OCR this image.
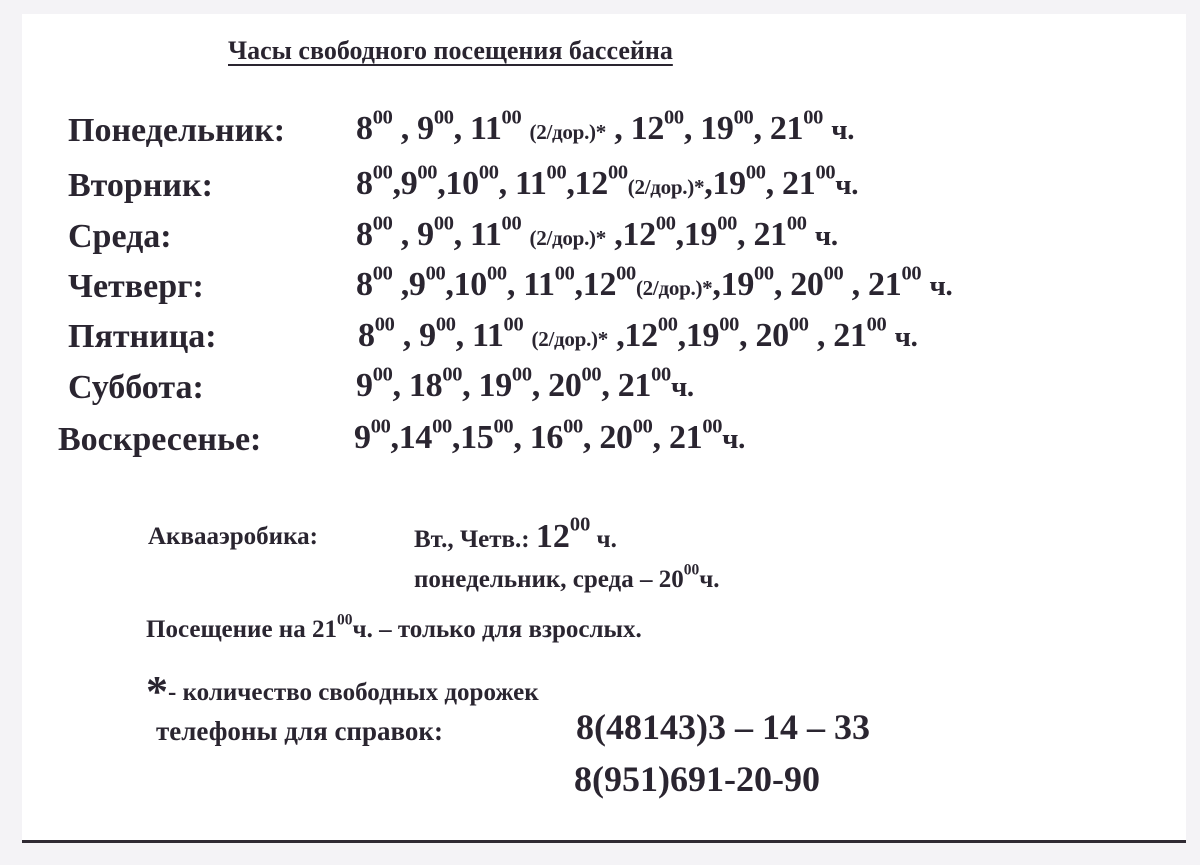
Часы свободного посещения бассейна
Понедельник: $8^{00}$ , $9^{00}$, $11^{00}$ (2/дор.)* , $12^{00}$, $19^{00}$, $21^{00}$ ч.
Вторник:	$8^{00},9^{00},10^{00}$, $11^{00},12^{00}(2/дор.)*,19^{00}$, $21^{00}ч$.
Среда:	$8^{00}$ , $9^{00}$, $11^{00}$ (2/дор.)* $,12^{00},19^{00}$, $21^{00}$ ч.
Четверг:	$8^{00}$ $,9^{00},10^{00}$, $11^{00},12^{00}(2/дор.)*,19^{00}$, $20^{00}$ , $21^{00}$ ч.
Пятница:	$8^{00}$ , $9^{00}$, $11^{00}$ (2/дор.)* $,12^{00},19^{00}$, $20^{00}$ , $21^{00}$ ч.
Суббота:	$9^{00}$, $18^{00}$, $19^{00}$, $20^{00}$, $21^{00}ч$.
Воскресенье:	$9^{00},14^{00},15^{00}$, $16^{00}$, $20^{00}$, $21^{00}ч$.
Аквааэробика:	Вт., Четв.: $12^{00}$ ч.
понедельник, среда – $20^{00}ч$.
Посещение на $21^{00}ч$. – только для взрослых.
*- количество свободных дорожек
телефоны для справок:	8(48143)3 – 14 – 33
8(951)691-20-90
